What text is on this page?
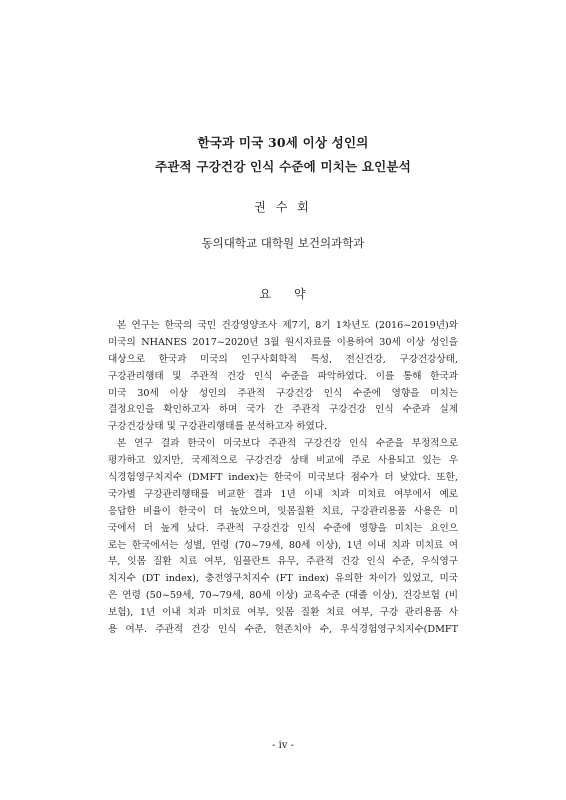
한국과 미국 30세 이상 성인의
주관적 구강건강 인식 수준에 미치는 요인분석
권 수 회
동의대학교 대학원 보건의과학과
요 약
본 연구는 한국의 국민 건강영양조사 제7기, 8기 1차년도 (2016~2019년)와
미국의 NHANES 2017~2020년 3월 원시자료를 이용하여 30세 이상 성인을
대상으로 한국과 미국의 인구사회학적 특성, 전신건강, 구강건강상태,
구강관리행태 및 주관적 건강 인식 수준을 파악하였다. 이를 통해 한국과
미국 30세 이상 성인의 주관적 구강건강 인식 수준에 영향을 미치는
결정요인을 확인하고자 하며 국가 간 주관적 구강건강 인식 수준과 실제
구강건강상태 및 구강관리행태를 분석하고자 하였다.
본 연구 결과 한국이 미국보다 주관적 구강건강 인식 수준을 부정적으로
평가하고 있지만, 국제적으로 구강건강 상태 비교에 주로 사용되고 있는 우
식경험영구치지수 (DMFT index)는 한국이 미국보다 점수가 더 낮았다. 또한,
국가별 구강관리행태를 비교한 결과 1년 이내 치과 미치료 여부에서 예로
응답한 비율이 한국이 더 높았으며, 잇몸질환 치료, 구강관리용품 사용은 미
국에서 더 높게 났다. 주관적 구강건강 인식 수준에 영향을 미치는 요인으
로는 한국에서는 성별, 연령 (70~79세, 80세 이상), 1년 이내 치과 미치료 여
부, 잇몸 질환 치료 여부, 임플란트 유무, 주관적 건강 인식 수준, 우식영구
치지수 (DT index), 충전영구치지수 (FT index) 유의한 차이가 있었고, 미국
은 연령 (50~59세, 70~79세, 80세 이상) 교육수준 (대졸 이상), 건강보험 (비
보험), 1년 이내 치과 미치료 여부, 잇몸 질환 치료 여부, 구강 관리용품 사
용 여부. 주관적 건강 인식 수준, 현존치아 수, 우식경험영구치지수(DMFT
- iv -
